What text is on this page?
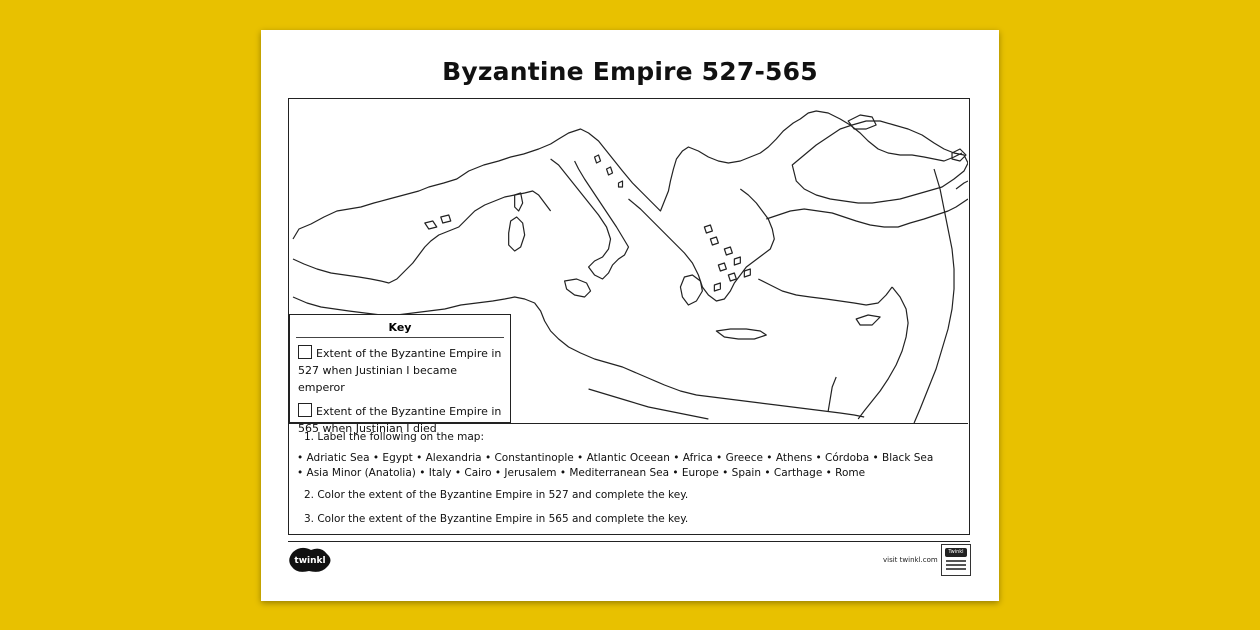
Byzantine Empire 527-565
Key
Extent of the Byzantine Empire in 527 when Justinian I became emperor
Extent of the Byzantine Empire in 565 when Justinian I died
1. Label the following on the map:
• Adriatic Sea • Egypt • Alexandria • Constantinople • Atlantic Oceean • Africa • Greece • Athens • Córdoba • Black Sea
• Asia Minor (Anatolia) • Italy • Cairo • Jerusalem • Mediterranean Sea • Europe • Spain • Carthage • Rome
2. Color the extent of the Byzantine Empire in 527 and complete the key.
3. Color the extent of the Byzantine Empire in 565 and complete the key.
twinkl	visit twinkl.com
Twinkl
